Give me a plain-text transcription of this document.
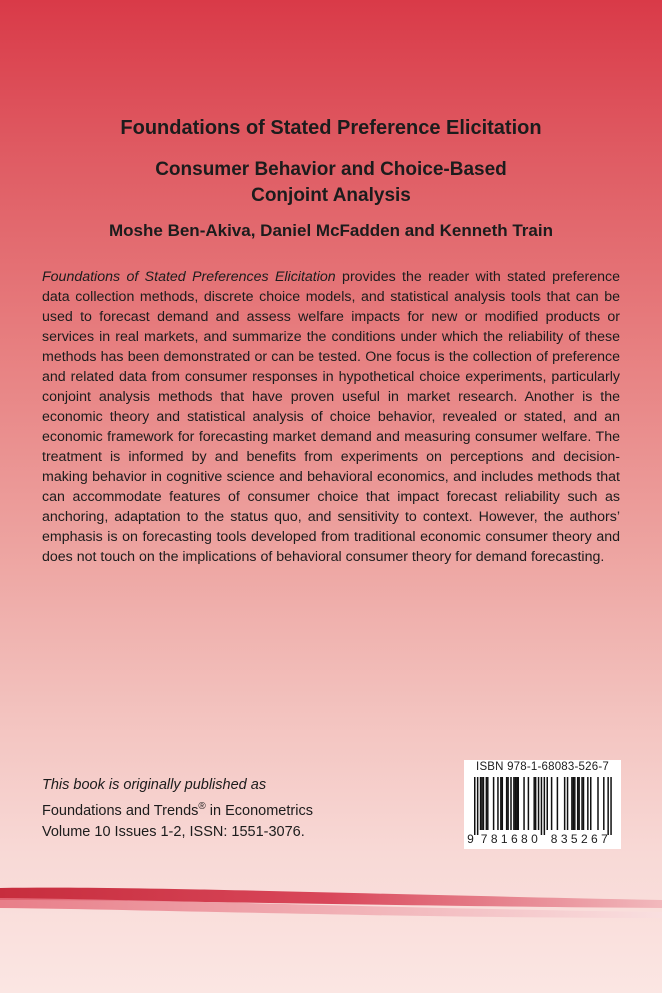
Foundations of Stated Preference Elicitation
Consumer Behavior and Choice-Based
Conjoint Analysis
Moshe Ben-Akiva, Daniel McFadden and Kenneth Train

Foundations of Stated Preferences Elicitation provides the reader with stated preference data collection methods, discrete choice models, and statistical analysis tools that can be used to forecast demand and assess welfare impacts for new or modified products or services in real markets, and summarize the conditions under which the reliability of these methods has been demonstrated or can be tested. One focus is the collection of preference and related data from consumer responses in hypothetical choice experiments, particularly conjoint analysis methods that have proven useful in market research. Another is the economic theory and statistical analysis of choice behavior, revealed or stated, and an economic framework for forecasting market demand and measuring consumer welfare. The treatment is informed by and benefits from experiments on perceptions and decision-making behavior in cognitive science and behavioral economics, and includes methods that can accommodate features of consumer choice that impact forecast reliability such as anchoring, adaptation to the status quo, and sensitivity to context. However, the authors’ emphasis is on forecasting tools developed from traditional economic consumer theory and does not touch on the implications of behavioral consumer theory for demand forecasting.

This book is originally published as
Foundations and Trends® in Econometrics
Volume 10 Issues 1-2, ISSN: 1551-3076.
ISBN 978-1-68083-526-7
9 781680 835267
